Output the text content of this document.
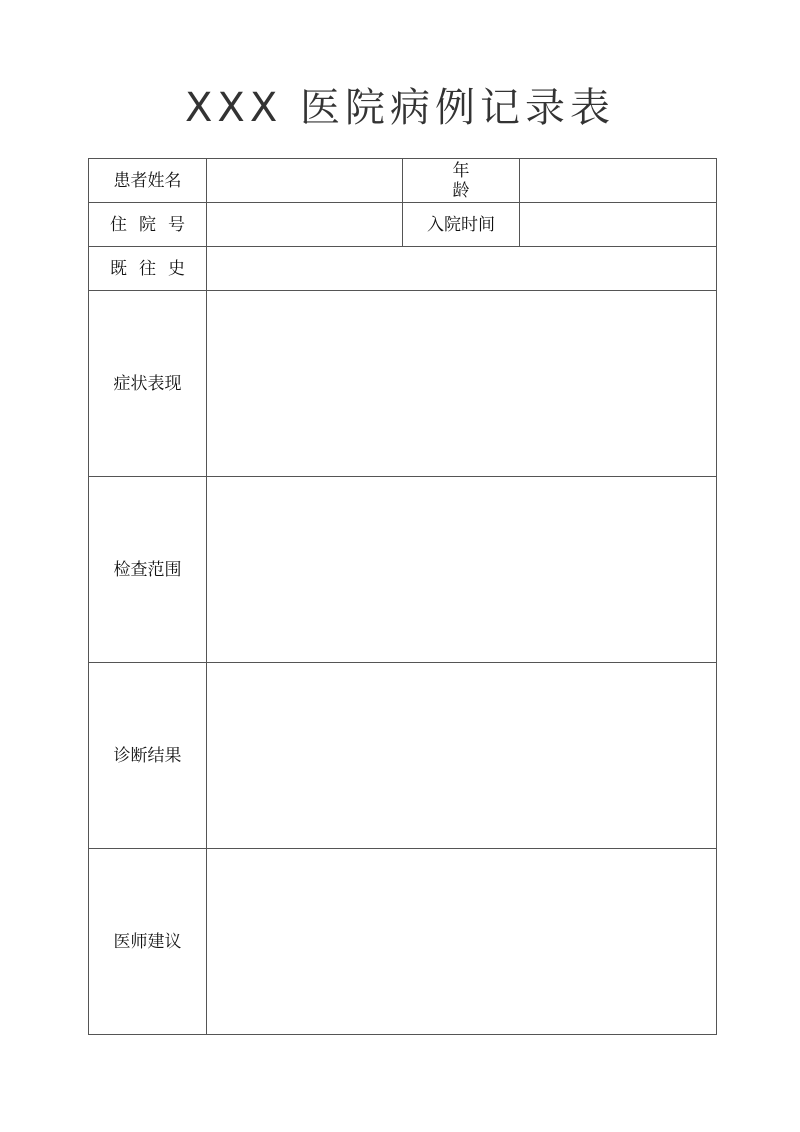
XXX 医院病例记录表
患者姓名		年龄	
住院号		入院时间	
既往史			
症状表现			
检查范围			
诊断结果			
医师建议			
